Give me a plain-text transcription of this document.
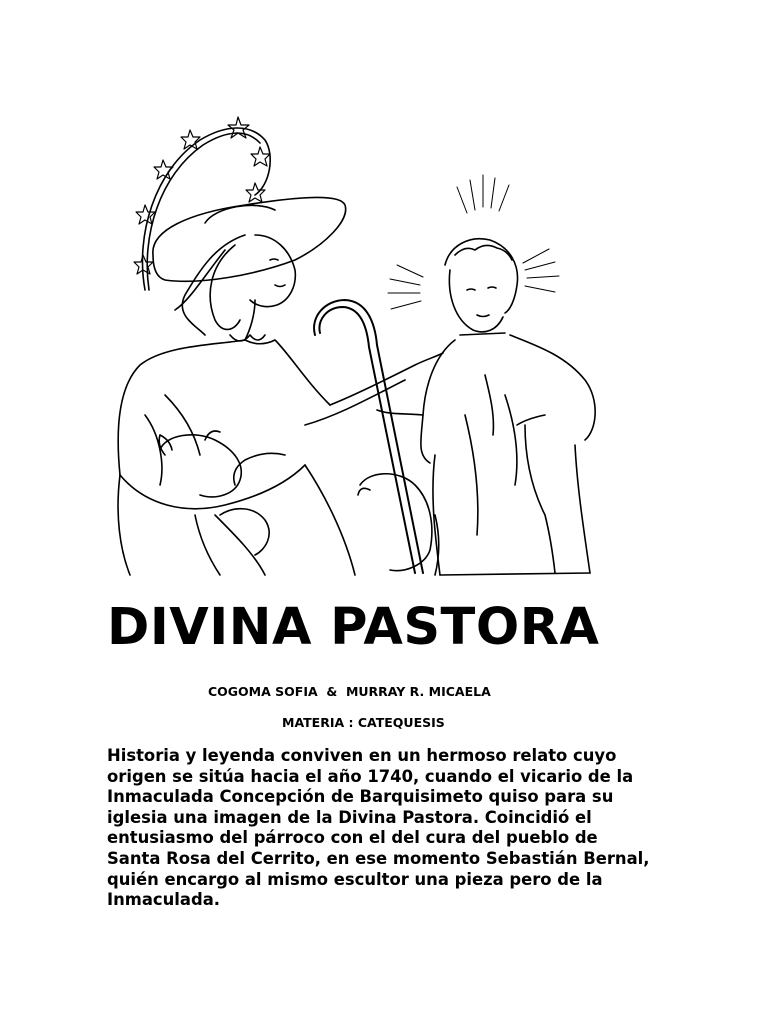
DIVINA PASTORA
COGOMA SOFIA  &  MURRAY R. MICAELA
MATERIA : CATEQUESIS
Historia y leyenda conviven en un hermoso relato cuyo
origen se sitúa hacia el año 1740, cuando el vicario de la
Inmaculada Concepción de Barquisimeto quiso para su
iglesia una imagen de la Divina Pastora. Coincidió el
entusiasmo del párroco con el del cura del pueblo de
Santa Rosa del Cerrito, en ese momento Sebastián Bernal,
quién encargo al mismo escultor una pieza pero de la
Inmaculada.
